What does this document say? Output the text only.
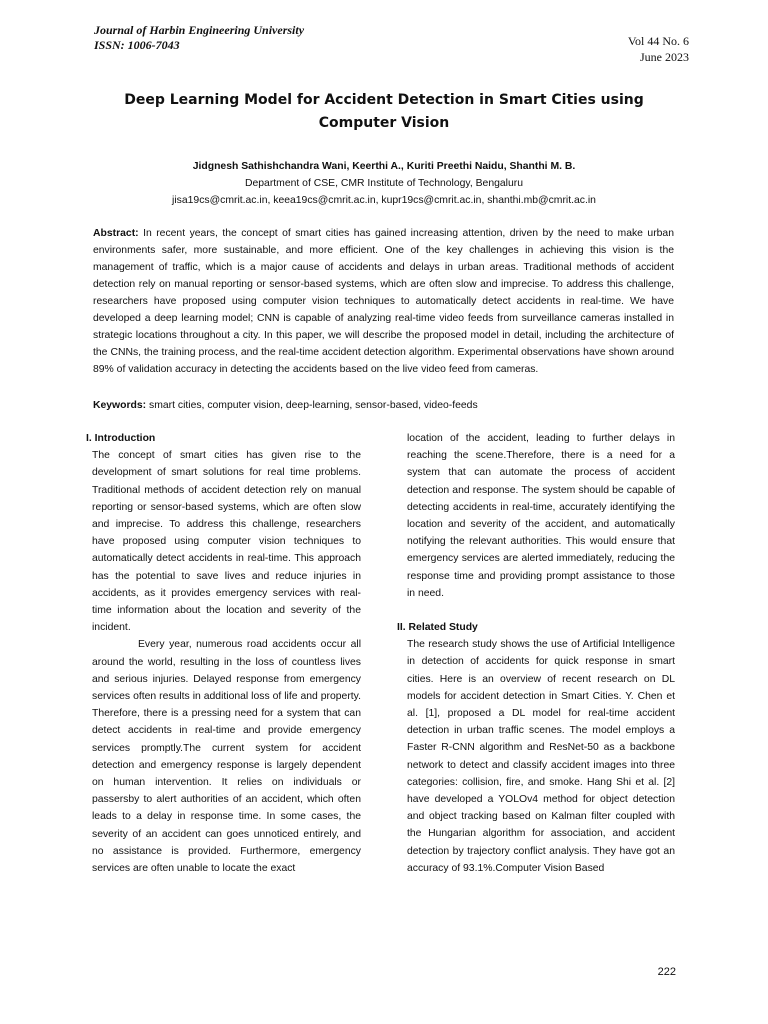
Journal of Harbin Engineering University
ISSN: 1006-7043	Vol 44 No. 6
June 2023
Deep Learning Model for Accident Detection in Smart Cities using Computer Vision
Jidgnesh Sathishchandra Wani, Keerthi A., Kuriti Preethi Naidu, Shanthi M. B.
Department of CSE, CMR Institute of Technology, Bengaluru
jisa19cs@cmrit.ac.in, keea19cs@cmrit.ac.in, kupr19cs@cmrit.ac.in, shanthi.mb@cmrit.ac.in
Abstract: In recent years, the concept of smart cities has gained increasing attention, driven by the need to make urban environments safer, more sustainable, and more efficient. One of the key challenges in achieving this vision is the management of traffic, which is a major cause of accidents and delays in urban areas. Traditional methods of accident detection rely on manual reporting or sensor-based systems, which are often slow and imprecise. To address this challenge, researchers have proposed using computer vision techniques to automatically detect accidents in real-time. We have developed a deep learning model; CNN is capable of analyzing real-time video feeds from surveillance cameras installed in strategic locations throughout a city. In this paper, we will describe the proposed model in detail, including the architecture of the CNNs, the training process, and the real-time accident detection algorithm. Experimental observations have shown around 89% of validation accuracy in detecting the accidents based on the live video feed from cameras.
Keywords: smart cities, computer vision, deep-learning, sensor-based, video-feeds
I. Introduction

The concept of smart cities has given rise to the development of smart solutions for real time problems. Traditional methods of accident detection rely on manual reporting or sensor-based systems, which are often slow and imprecise. To address this challenge, researchers have proposed using computer vision techniques to automatically detect accidents in real-time. This approach has the potential to save lives and reduce injuries in accidents, as it provides emergency services with real-time information about the location and severity of the incident.

Every year, numerous road accidents occur all around the world, resulting in the loss of countless lives and serious injuries. Delayed response from emergency services often results in additional loss of life and property. Therefore, there is a pressing need for a system that can detect accidents in real-time and provide emergency services promptly.The current system for accident detection and emergency response is largely dependent on human intervention. It relies on individuals or passersby to alert authorities of an accident, which often leads to a delay in response time. In some cases, the severity of an accident can goes unnoticed entirely, and no assistance is provided. Furthermore, emergency services are often unable to locate the exact

location of the accident, leading to further delays in reaching the scene.Therefore, there is a need for a system that can automate the process of accident detection and response. The system should be capable of detecting accidents in real-time, accurately identifying the location and severity of the accident, and automatically notifying the relevant authorities. This would ensure that emergency services are alerted immediately, reducing the response time and providing prompt assistance to those in need.

II. Related Study

The research study shows the use of Artificial Intelligence in detection of accidents for quick response in smart cities. Here is an overview of recent research on DL models for accident detection in Smart Cities. Y. Chen et al. [1], proposed a DL model for real-time accident detection in urban traffic scenes. The model employs a Faster R-CNN algorithm and ResNet-50 as a backbone network to detect and classify accident images into three categories: collision, fire, and smoke. Hang Shi et al. [2] have developed a YOLOv4 method for object detection and object tracking based on Kalman filter coupled with the Hungarian algorithm for association, and accident detection by trajectory conflict analysis. They have got an accuracy of 93.1%.Computer Vision Based

222
